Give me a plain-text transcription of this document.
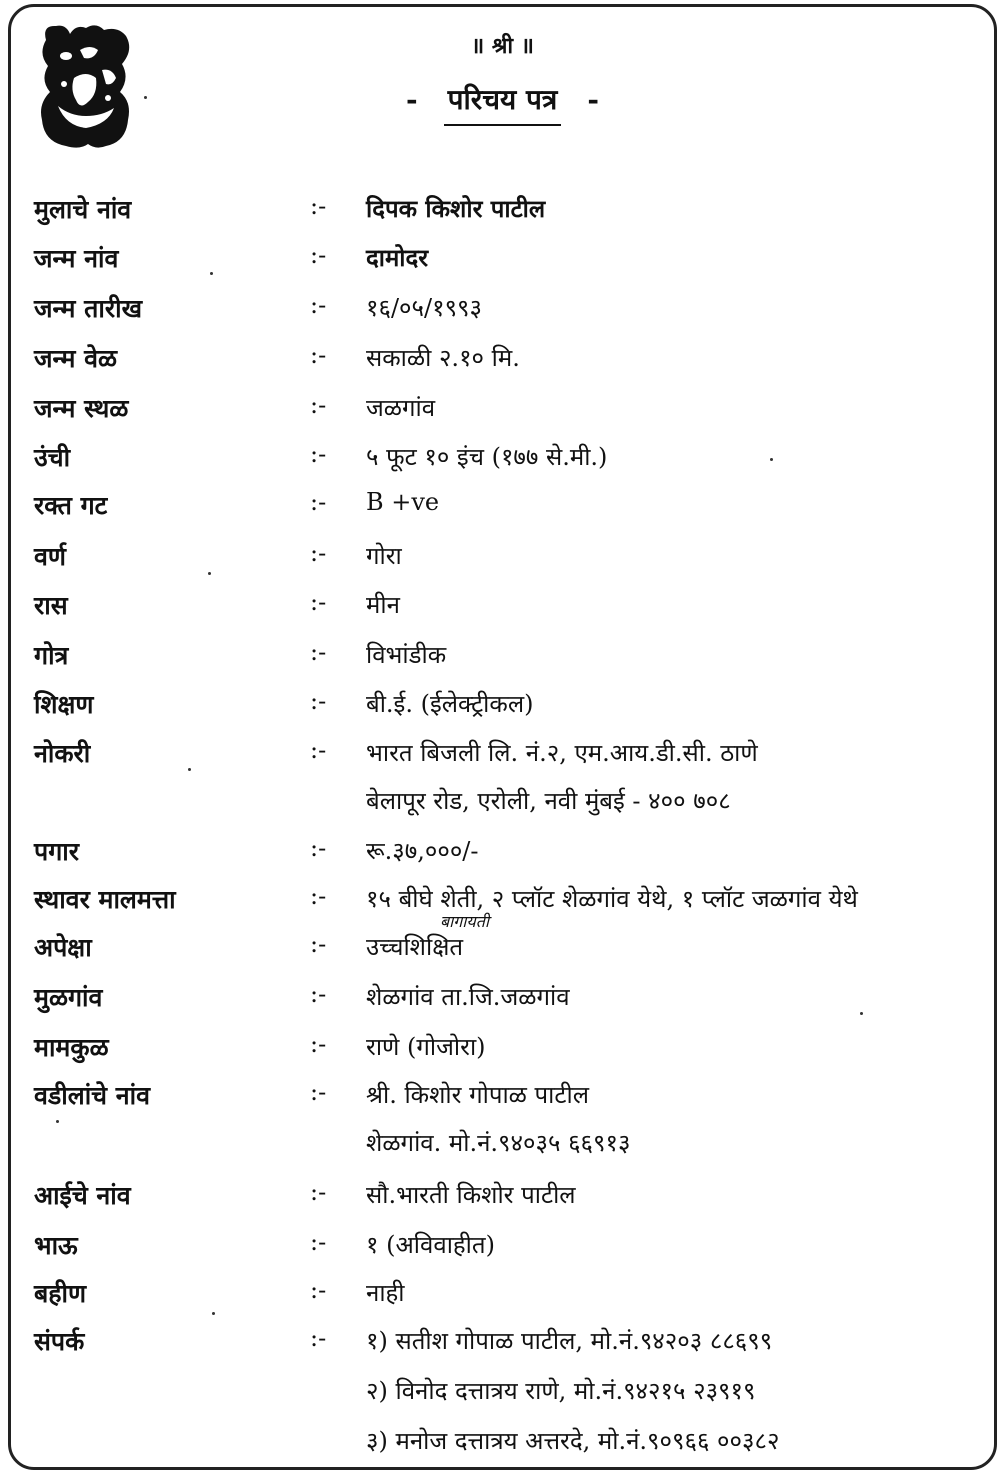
॥ श्री ॥
- परिचय पत्र -
मुलाचे नांव	:- दिपक किशोर पाटील
जन्म नांव	:- दामोदर
जन्म तारीख	:- १६/०५/१९९३
जन्म वेळ	:- सकाळी २.१० मि.
जन्म स्थळ	:- जळगांव
उंची	:- ५ फूट १० इंच (१७७ से.मी.)
रक्त गट	:- B +ve
वर्ण	:- गोरा
रास	:- मीन
गोत्र	:- विभांडीक
शिक्षण	:- बी.ई. (ईलेक्ट्रीकल)
नोकरी	:- भारत बिजली लि. नं.२, एम.आय.डी.सी. ठाणे
बेलापूर रोड, एरोली, नवी मुंबई - ४०० ७०८
पगार	:- रू.३७,०००/-
स्थावर मालमत्ता	:- १५ बीघे शेती, २ प्लॉट शेळगांव येथे, १ प्लॉट जळगांव येथे
बागायती
अपेक्षा	:- उच्चशिक्षित
मुळगांव	:- शेळगांव ता.जि.जळगांव
मामकुळ	:- राणे (गोजोरा)
वडीलांचे नांव	:- श्री. किशोर गोपाळ पाटील
शेळगांव. मो.नं.९४०३५ ६६९१३
आईचे नांव	:- सौ.भारती किशोर पाटील
भाऊ	:- १ (अविवाहीत)
बहीण	:- नाही
संपर्क	:- १) सतीश गोपाळ पाटील, मो.नं.९४२०३ ८८६९९
२) विनोद दत्तात्रय राणे, मो.नं.९४२१५ २३९१९
३) मनोज दत्तात्रय अत्तरदे, मो.नं.९०९६६ ००३८२
